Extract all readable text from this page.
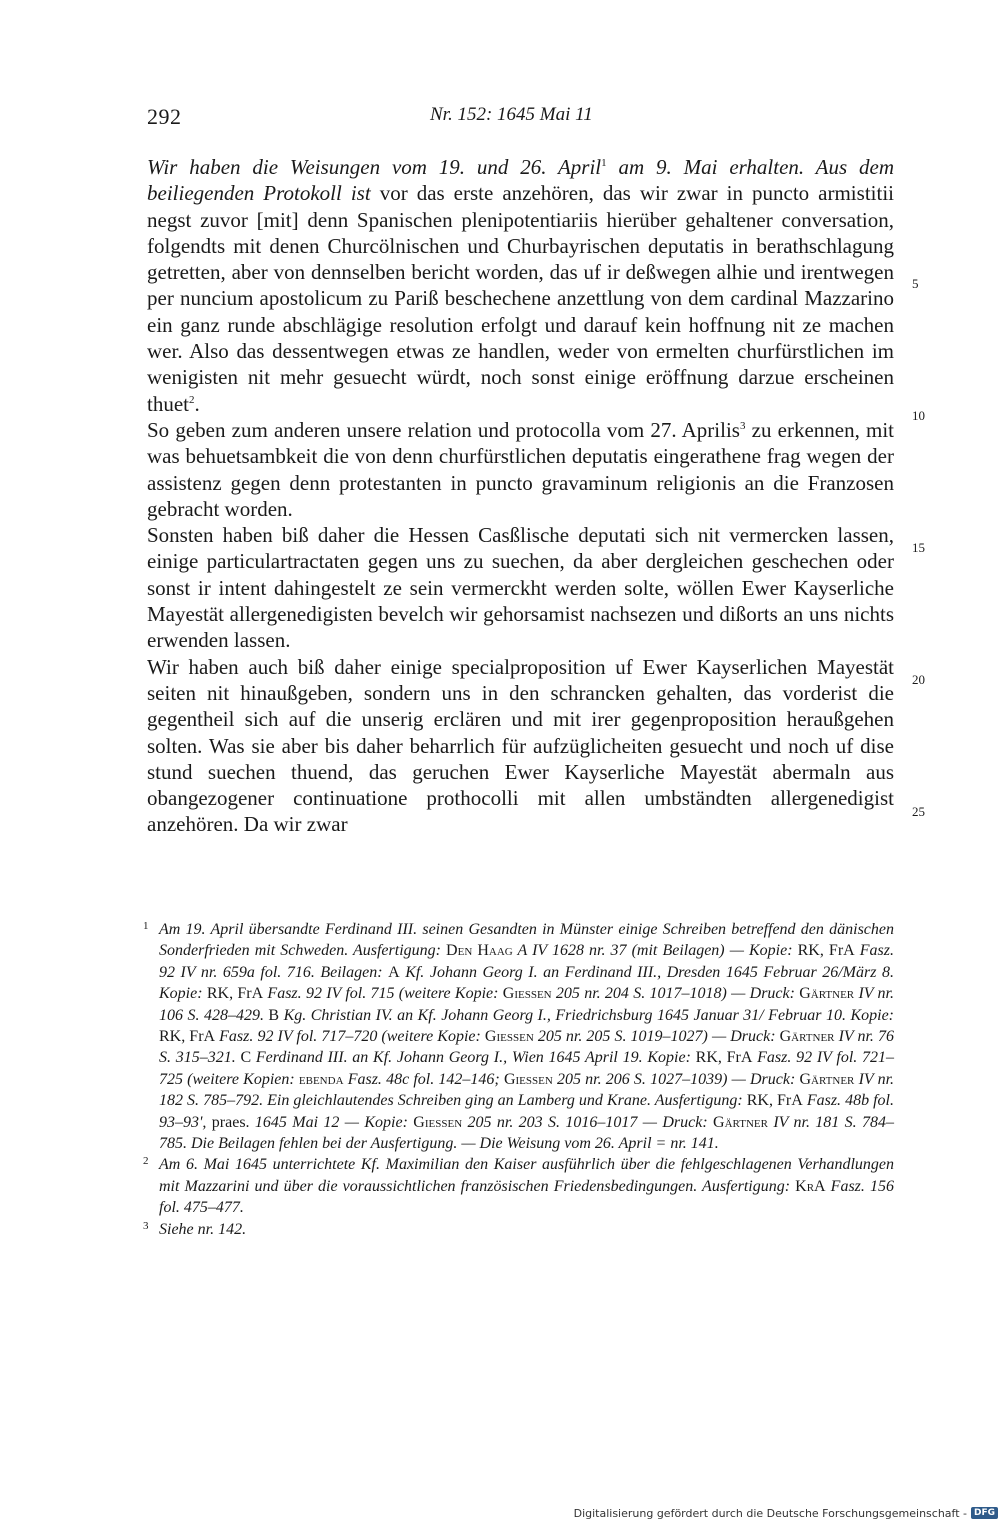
292	Nr. 152: 1645 Mai 11

Wir haben die Weisungen vom 19. und 26. April$^1$ am 9. Mai erhalten. Aus dem beiliegenden Protokoll ist vor das erste anzehören, das wir zwar in puncto armistitii negst zuvor [mit] denn Spanischen plenipotentiariis hierüber gehaltener conversation, folgendts mit denen Churcölnischen und Churbayrischen deputatis in berathschlagung getretten, aber von dennselben bericht worden, das uf ir deßwegen alhie und irentwegen per nuncium apostolicum zu Pariß beschechene anzettlung von dem cardinal Mazzarino ein ganz runde abschlägige resolution erfolgt und darauf kein hoffnung nit ze machen wer. Also das dessentwegen etwas ze handlen, weder von ermelten churfürstlichen im wenigisten nit mehr gesuecht würdt, noch sonst einige eröffnung darzue erscheinen thuet$^2$.

So geben zum anderen unsere relation und protocolla vom 27. Aprilis$^3$ zu erkennen, mit was behuetsambkeit die von denn churfürstlichen deputatis eingerathene frag wegen der assistenz gegen denn protestanten in puncto gravaminum religionis an die Franzosen gebracht worden.

Sonsten haben biß daher die Hessen Casßlische deputati sich nit vermercken lassen, einige particulartractaten gegen uns zu suechen, da aber dergleichen geschechen oder sonst ir intent dahingestelt ze sein vermerckht werden solte, wöllen Ewer Kayserliche Mayestät allergenedigisten bevelch wir gehorsamist nachsezen und dißorts an uns nichts erwenden lassen.

Wir haben auch biß daher einige specialproposition uf Ewer Kayserlichen Mayestät seiten nit hinaußgeben, sondern uns in den schrancken gehalten, das vorderist die gegentheil sich auf die unserig erclären und mit irer gegenproposition heraußgehen solten. Was sie aber bis daher beharrlich für aufzüglicheiten gesuecht und noch uf dise stund suechen thuend, das geruchen Ewer Kayserliche Mayestät abermaln aus obangezogener continuatione prothocolli mit allen umbständten allergenedigist anzehören. Da wir zwar

5
10
15
20
25

1 Am 19. April übersandte Ferdinand III. seinen Gesandten in Münster einige Schreiben betreffend den dänischen Sonderfrieden mit Schweden. Ausfertigung: Den Haag A IV 1628 nr. 37 (mit Beilagen) — Kopie: RK, FrA Fasz. 92 IV nr. 659a fol. 716. Beilagen: A Kf. Johann Georg I. an Ferdinand III., Dresden 1645 Februar 26/März 8. Kopie: RK, FrA Fasz. 92 IV fol. 715 (weitere Kopie: Giessen 205 nr. 204 S. 1017–1018) — Druck: Gärtner IV nr. 106 S. 428–429. B Kg. Christian IV. an Kf. Johann Georg I., Friedrichsburg 1645 Januar 31/ Februar 10. Kopie: RK, FrA Fasz. 92 IV fol. 717–720 (weitere Kopie: Giessen 205 nr. 205 S. 1019–1027) — Druck: Gärtner IV nr. 76 S. 315–321. C Ferdinand III. an Kf. Johann Georg I., Wien 1645 April 19. Kopie: RK, FrA Fasz. 92 IV fol. 721–725 (weitere Kopien: ebenda Fasz. 48c fol. 142–146; Giessen 205 nr. 206 S. 1027–1039) — Druck: Gärtner IV nr. 182 S. 785–792. Ein gleichlautendes Schreiben ging an Lamberg und Krane. Ausfertigung: RK, FrA Fasz. 48b fol. 93–93', praes. 1645 Mai 12 — Kopie: Giessen 205 nr. 203 S. 1016–1017 — Druck: Gärtner IV nr. 181 S. 784–785. Die Beilagen fehlen bei der Ausfertigung. — Die Weisung vom 26. April = nr. 141.

2 Am 6. Mai 1645 unterrichtete Kf. Maximilian den Kaiser ausführlich über die fehlgeschlagenen Verhandlungen mit Mazzarini und über die voraussichtlichen französischen Friedensbedingungen. Ausfertigung: KrA Fasz. 156 fol. 475–477.

3 Siehe nr. 142.

Digitalisierung gefördert durch die Deutsche Forschungsgemeinschaft - DFG
